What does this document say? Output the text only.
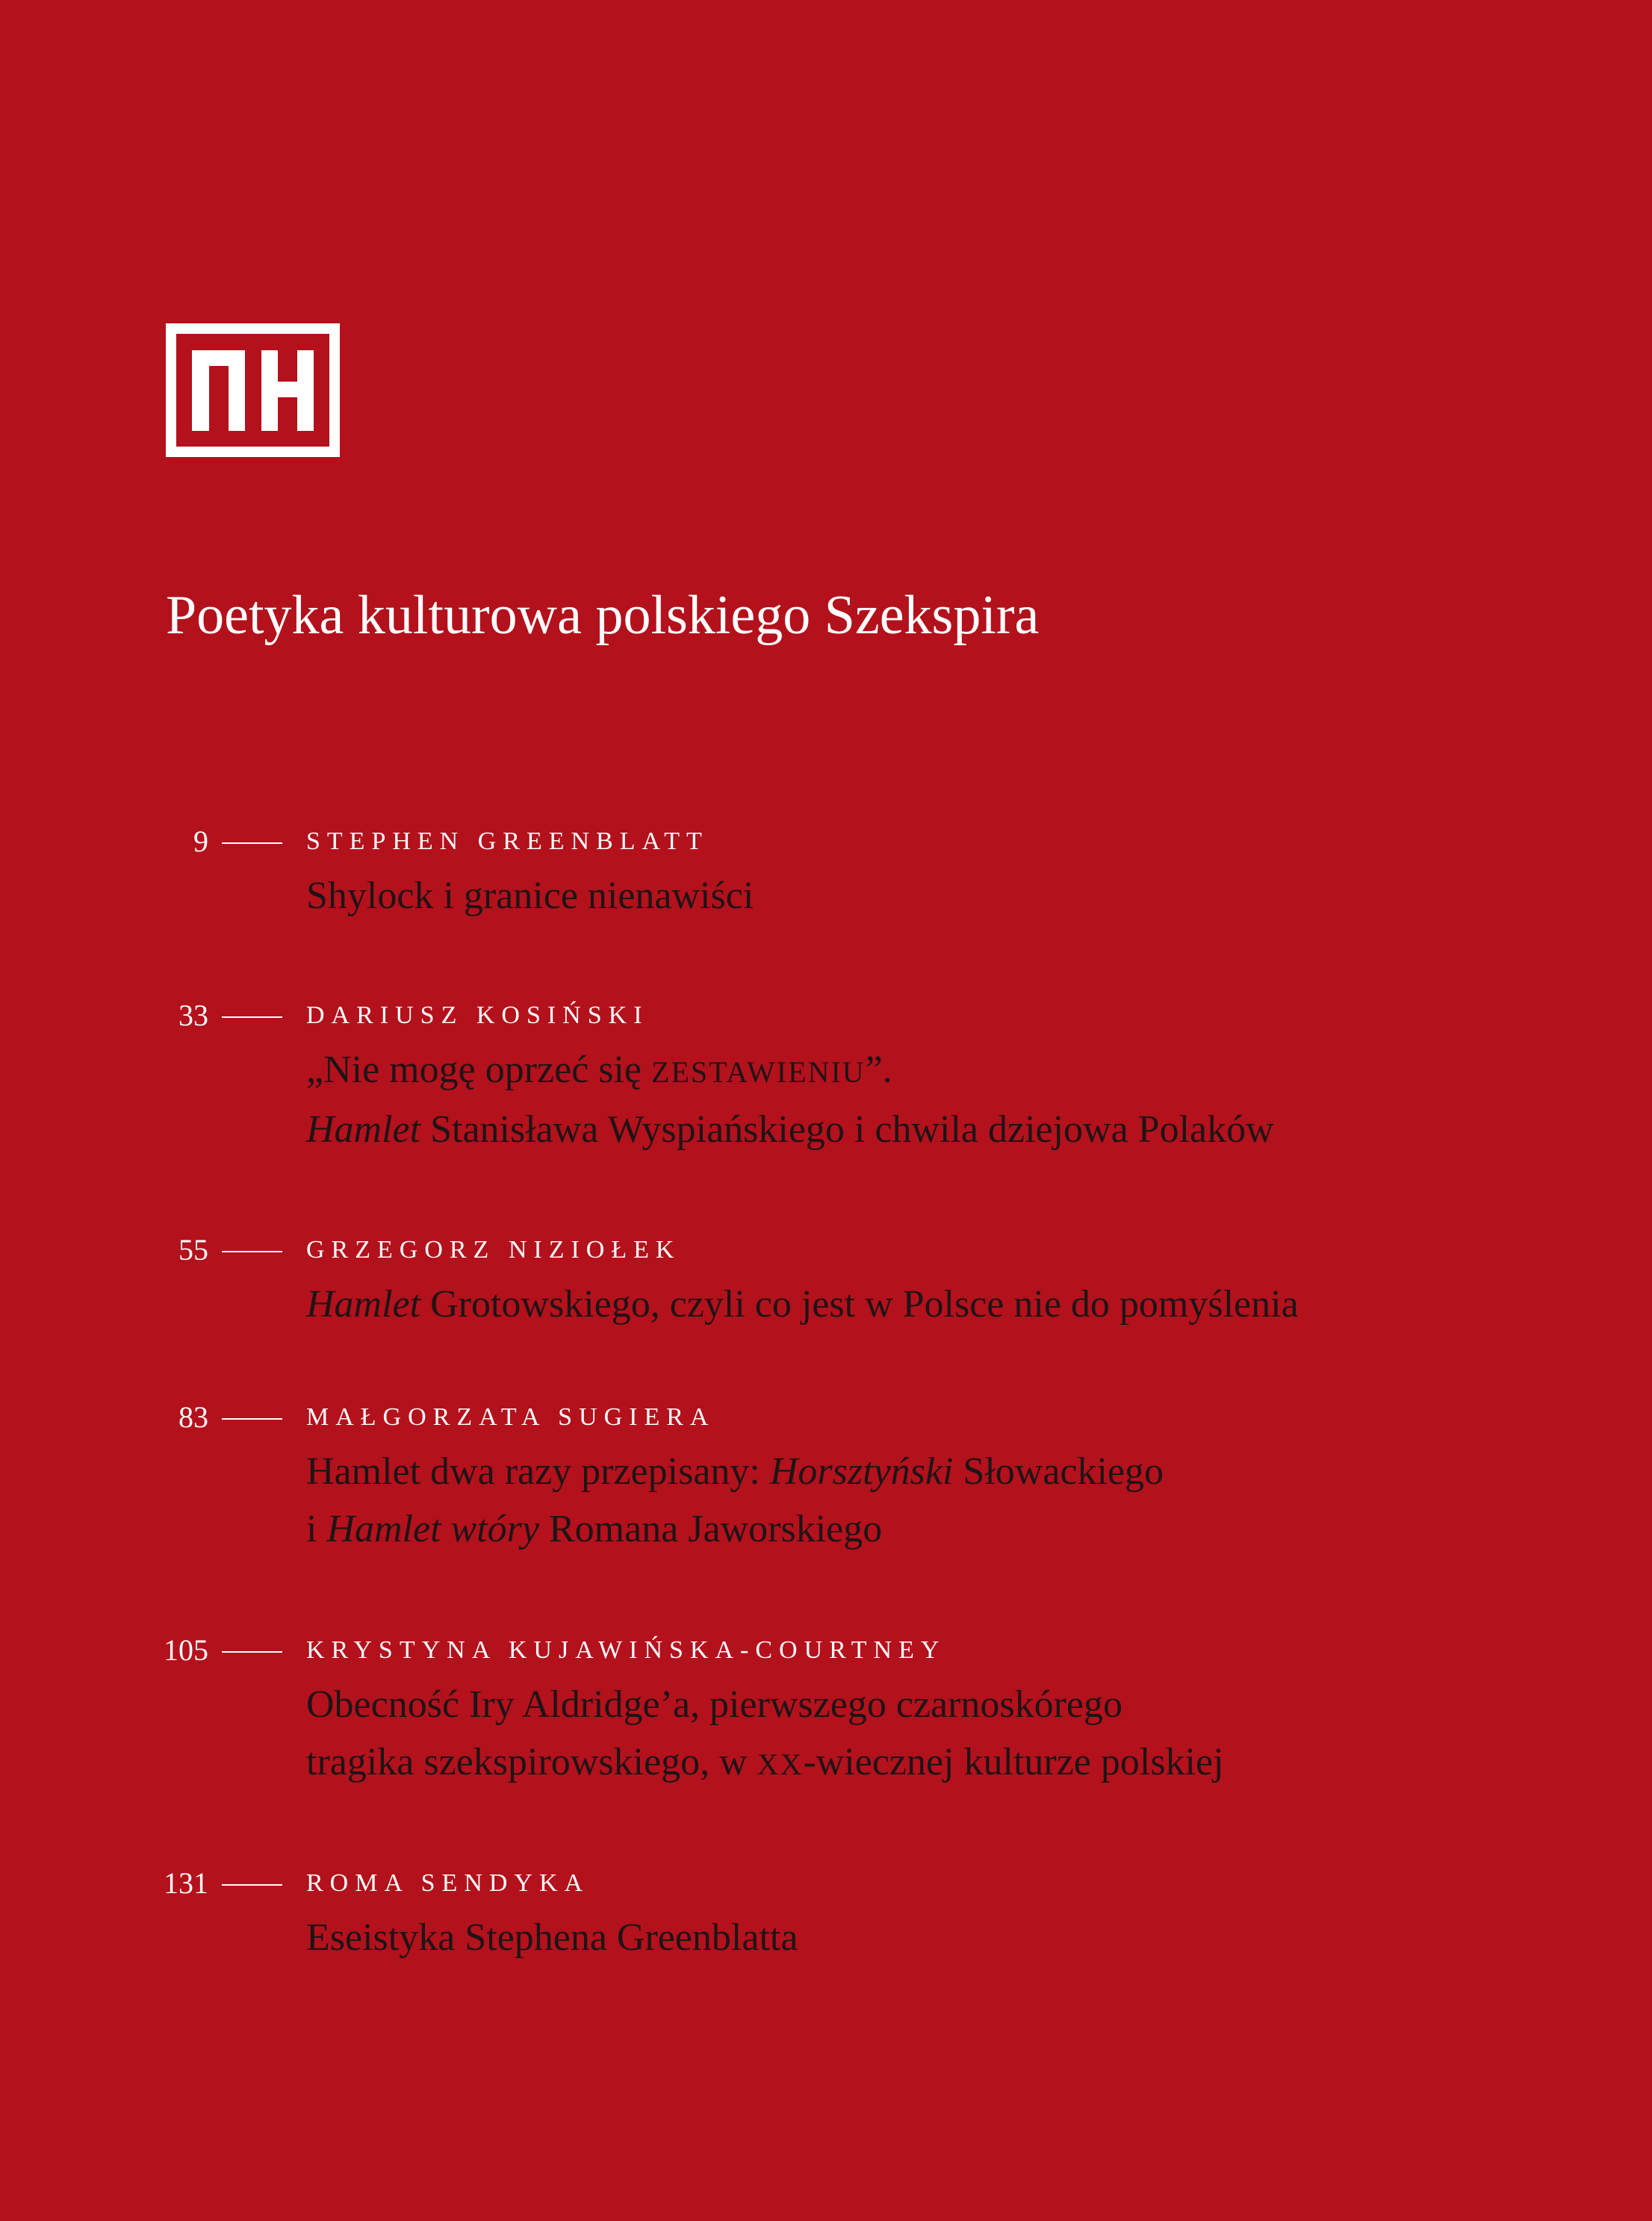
Poetyka kulturowa polskiego Szekspira
9	STEPHEN GREENBLATT
Shylock i granice nienawiści
33	DARIUSZ KOSIŃSKI
„Nie mogę oprzeć się ZESTAWIENIU”.
Hamlet Stanisława Wyspiańskiego i chwila dziejowa Polaków
55	GRZEGORZ NIZIOŁEK
Hamlet Grotowskiego, czyli co jest w Polsce nie do pomyślenia
83	MAŁGORZATA SUGIERA
Hamlet dwa razy przepisany: Horsztyński Słowackiego
i Hamlet wtóry Romana Jaworskiego
105	KRYSTYNA KUJAWIŃSKA-COURTNEY
Obecność Iry Aldridge’a, pierwszego czarnoskórego
tragika szekspirowskiego, w XX-wiecznej kulturze polskiej
131	ROMA SENDYKA
Eseistyka Stephena Greenblatta
